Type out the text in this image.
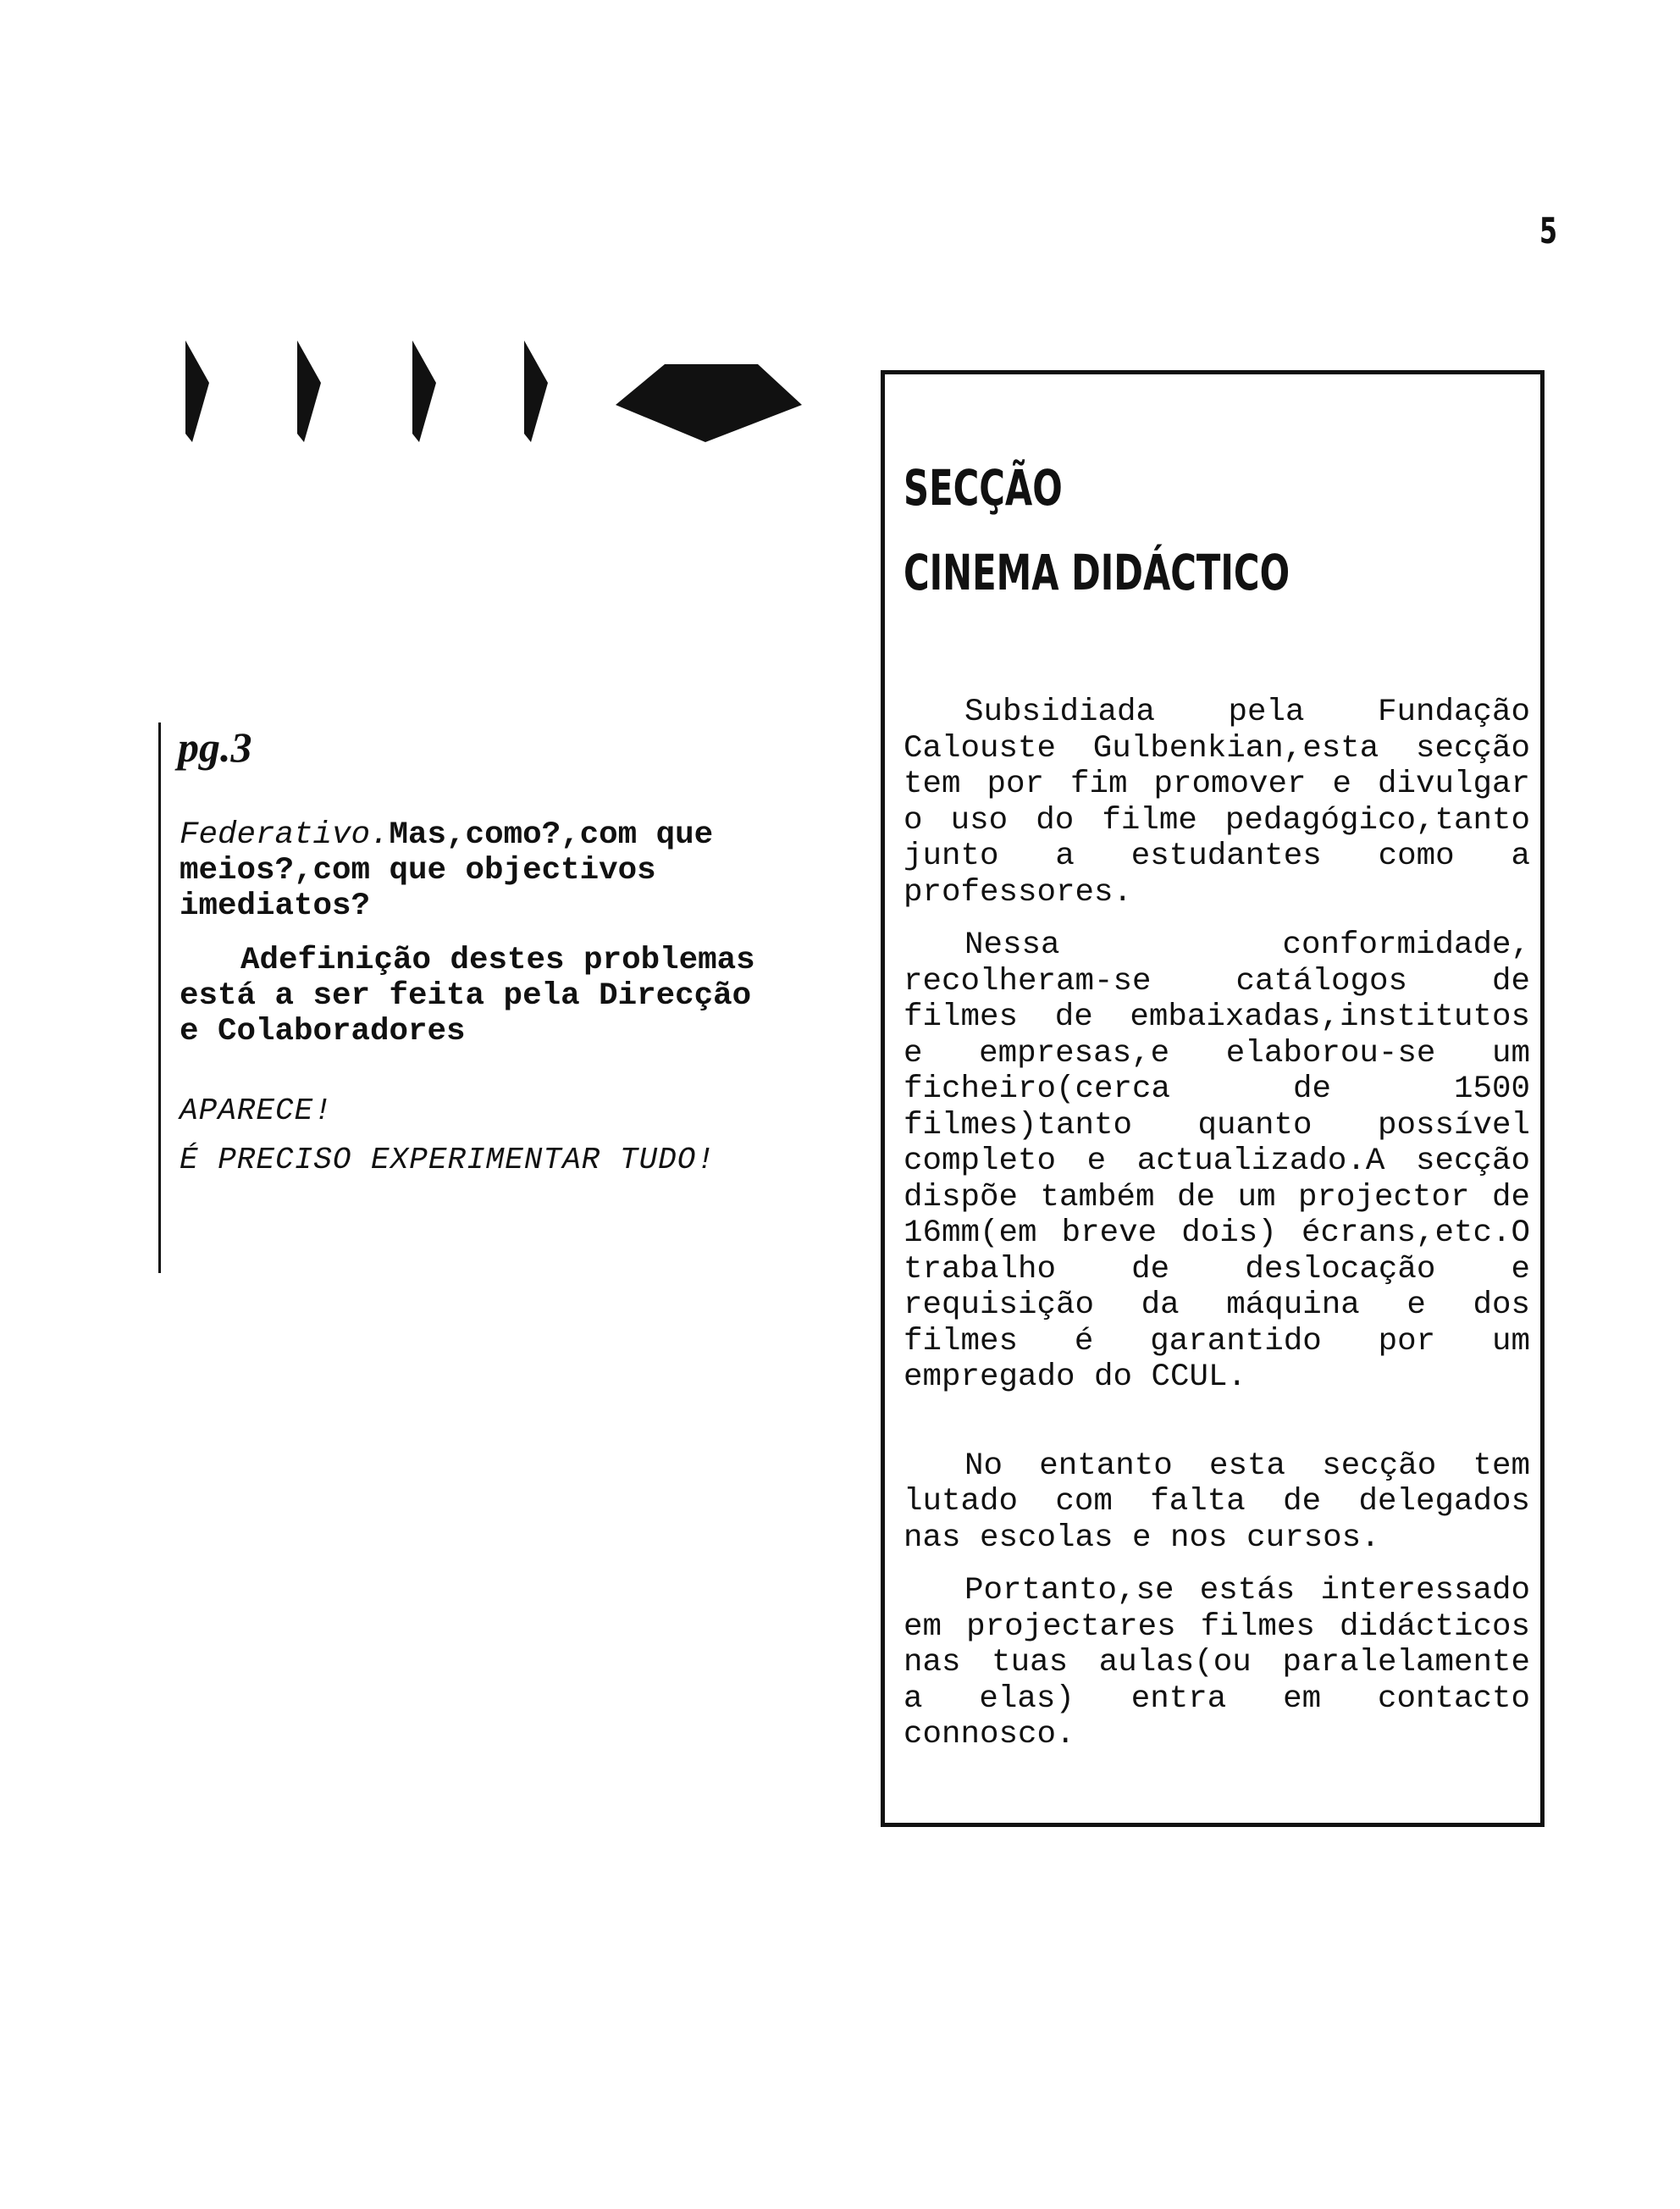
5
pg.3

Federativo.Mas,como?,com que meios?,com que objectivos imediatos?

Adefinição destes problemas está a ser feita pela Direcção e Colaboradores

APARECE!

É PRECISO EXPERIMENTAR TUDO!

SECÇÃO
CINEMA DIDÁCTICO

Subsidiada pela Fundação Calouste Gulbenkian,esta secção tem por fim promover e divulgar o uso do filme pedagógico,tanto junto a estudantes como a professores.

Nessa conformidade, recolheram-se catálogos de filmes de embaixadas,institutos e empresas,e elaborou-se um ficheiro(cerca de 1500 filmes)tanto quanto possível completo e actualizado.A secção dispõe também de um projector de 16mm(em breve dois) écrans,etc.O trabalho de deslocação e requisição da máquina e dos filmes é garantido por um empregado do CCUL.

No entanto esta secção tem lutado com falta de delegados nas escolas e nos cursos.

Portanto,se estás interessado em projectares filmes didácticos nas tuas aulas(ou paralelamente a elas) entra em contacto connosco.
